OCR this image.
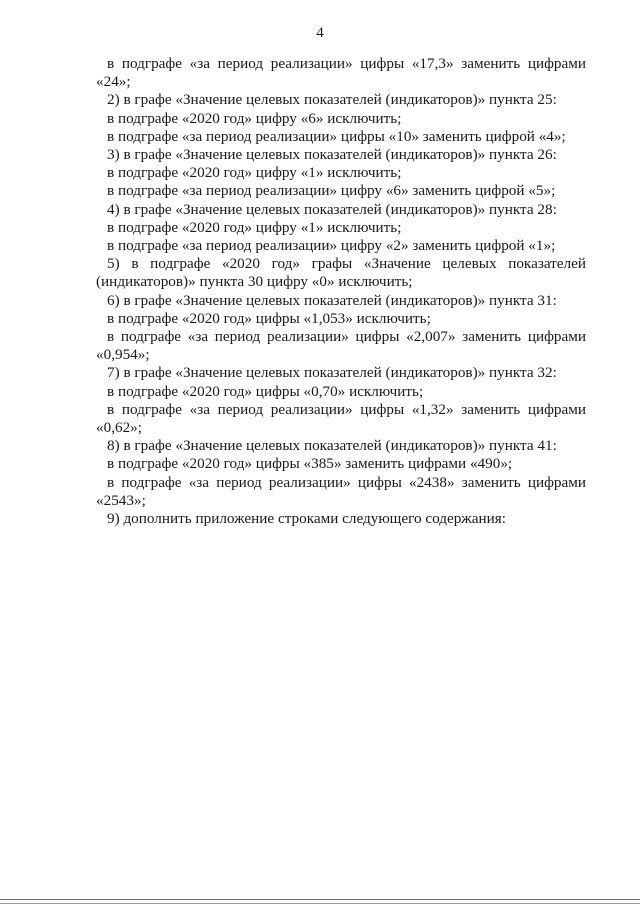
4

в подграфе «за период реализации» цифры «17,3» заменить цифрами «24»;

2) в графе «Значение целевых показателей (индикаторов)» пункта 25:

в подграфе «2020 год» цифру «6» исключить;

в подграфе «за период реализации» цифры «10» заменить цифрой «4»;

3) в графе «Значение целевых показателей (индикаторов)» пункта 26:

в подграфе «2020 год» цифру «1» исключить;

в подграфе «за период реализации» цифру «6» заменить цифрой «5»;

4) в графе «Значение целевых показателей (индикаторов)» пункта 28:

в подграфе «2020 год» цифру «1» исключить;

в подграфе «за период реализации» цифру «2» заменить цифрой «1»;

5) в подграфе «2020 год» графы «Значение целевых показателей (индикаторов)» пункта 30 цифру «0» исключить;

6) в графе «Значение целевых показателей (индикаторов)» пункта 31:

в подграфе «2020 год» цифры «1,053» исключить;

в подграфе «за период реализации» цифры «2,007» заменить цифрами «0,954»;

7) в графе «Значение целевых показателей (индикаторов)» пункта 32:

в подграфе «2020 год» цифры «0,70» исключить;

в подграфе «за период реализации» цифры «1,32» заменить цифрами «0,62»;

8) в графе «Значение целевых показателей (индикаторов)» пункта 41:

в подграфе «2020 год» цифры «385» заменить цифрами «490»;

в подграфе «за период реализации» цифры «2438» заменить цифрами «2543»;

9) дополнить приложение строками следующего содержания:
